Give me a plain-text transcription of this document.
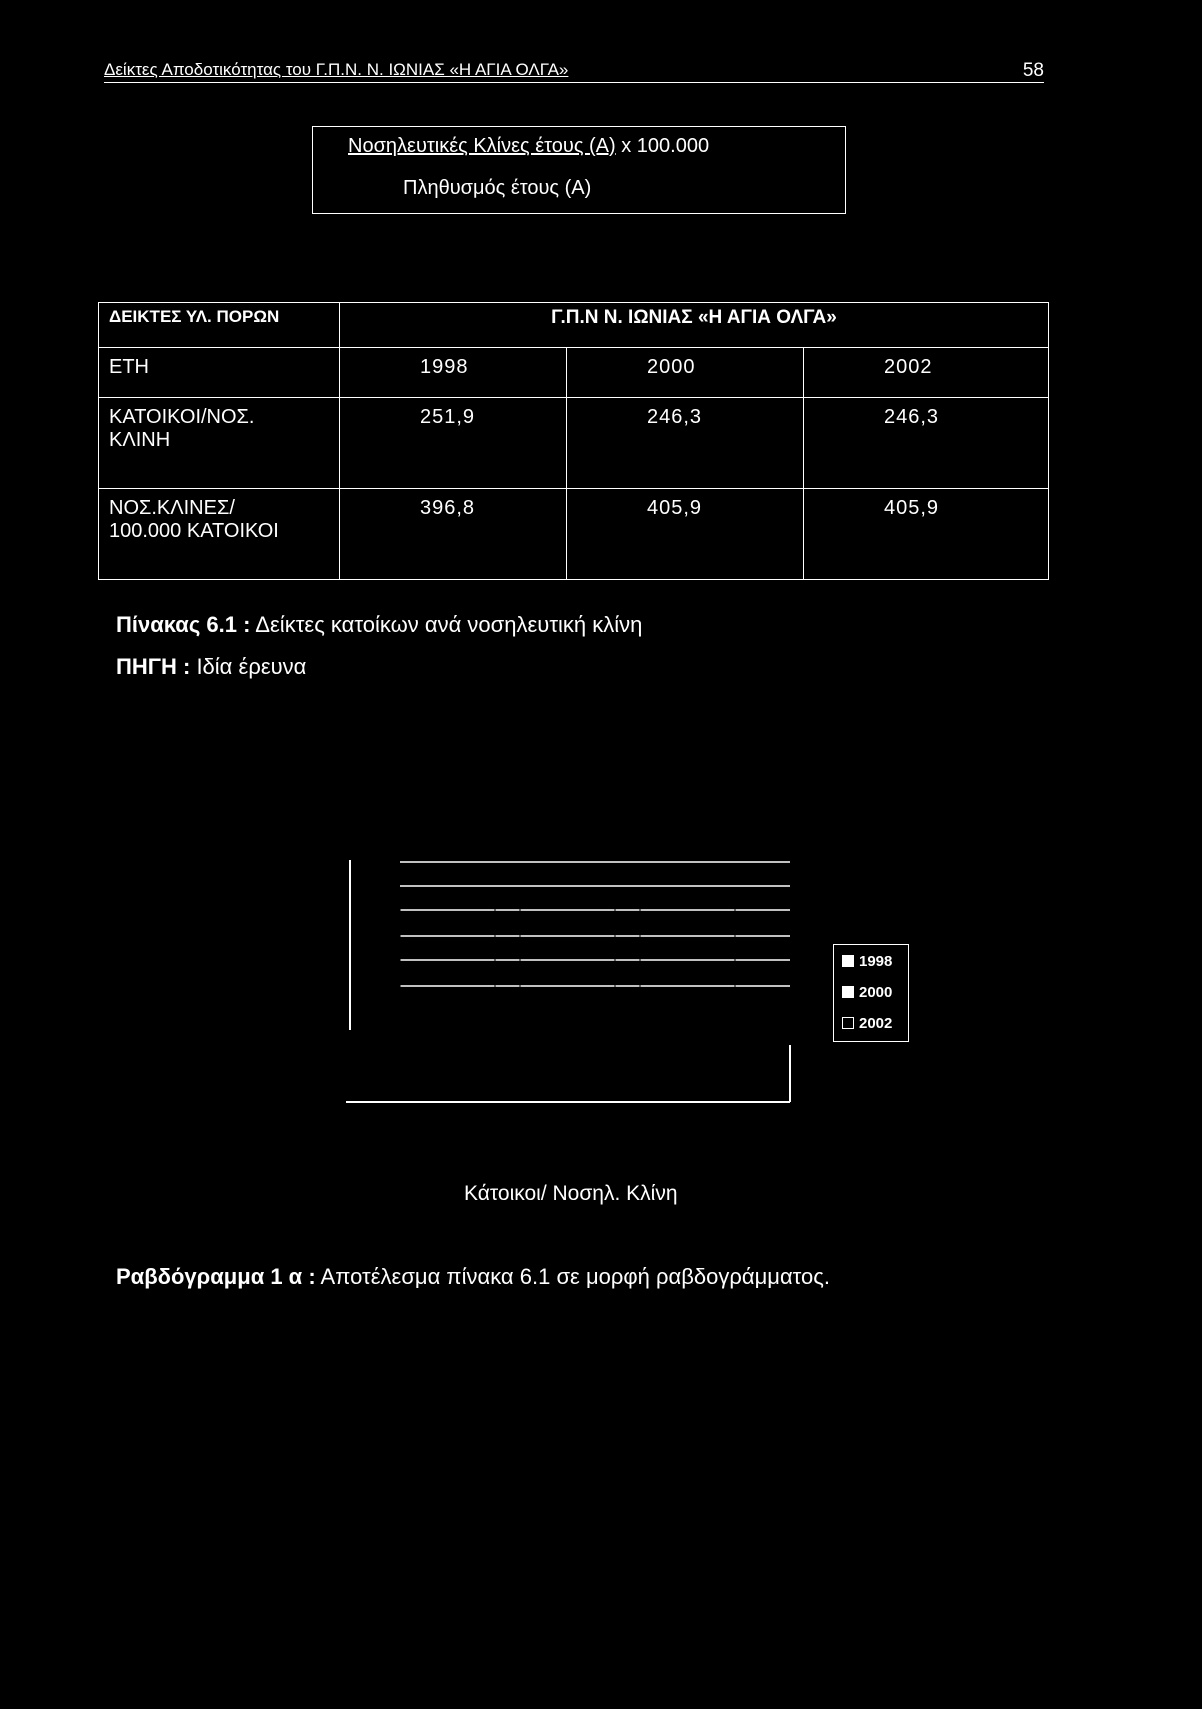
Δείκτες Αποδοτικότητας του Γ.Π.Ν. Ν. ΙΩΝΙΑΣ «Η ΑΓΙΑ ΟΛΓΑ»	58
Νοσηλευτικές Κλίνες έτους (Α) x 100.000
Πληθυσμός έτους (Α)
ΔΕΙΚΤΕΣ ΥΛ. ΠΟΡΩΝ	Γ.Π.Ν Ν. ΙΩΝΙΑΣ «Η ΑΓΙΑ ΟΛΓΑ»		
ΕΤΗ	1998	2000	2002
ΚΑΤΟΙΚΟΙ/ΝΟΣ.
ΚΛΙΝΗ	251,9	246,3	246,3
ΝΟΣ.ΚΛΙΝΕΣ/
100.000 ΚΑΤΟΙΚΟΙ	396,8	405,9	405,9
Πίνακας 6.1 : Δείκτες κατοίκων ανά νοσηλευτική κλίνη
ΠΗΓΗ : Ιδία έρευνα
1998
2000
2002
Κάτοικοι/ Νοσηλ. Κλίνη
Ραβδόγραμμα 1 α : Αποτέλεσμα πίνακα 6.1 σε μορφή ραβδογράμματος.
